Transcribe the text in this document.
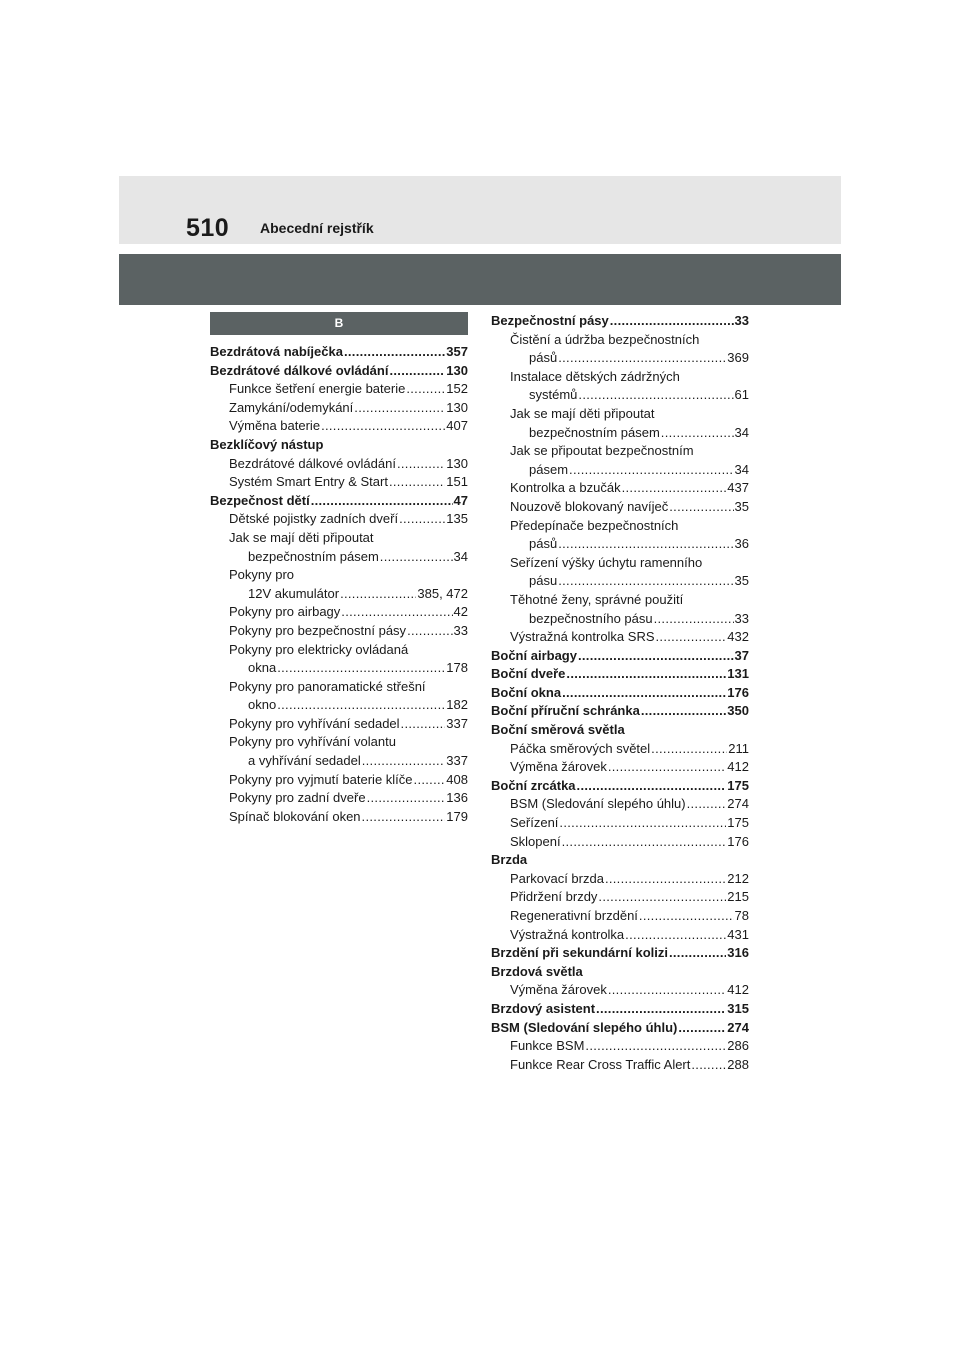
510 Abecední rejstřík
B
Bezdrátová nabíječka .....	357
Bezdrátové dálkové ovládání .....	130
Funkce šetření energie baterie .....	152
Zamykání/odemykání .....	130
Výměna baterie .....	407
Bezklíčový nástup
Bezdrátové dálkové ovládání .....	130
Systém Smart Entry & Start .....	151
Bezpečnost dětí .....	47
Dětské pojistky zadních dveří .....	135
Jak se mají děti připoutat
bezpečnostním pásem .....	34
Pokyny pro
12V akumulátor .....	385, 472
Pokyny pro airbagy .....	42
Pokyny pro bezpečnostní pásy .....	33
Pokyny pro elektricky ovládaná
okna .....	178
Pokyny pro panoramatické střešní
okno .....	182
Pokyny pro vyhřívání sedadel .....	337
Pokyny pro vyhřívání volantu
a vyhřívání sedadel .....	337
Pokyny pro vyjmutí baterie klíče .....	408
Pokyny pro zadní dveře .....	136
Spínač blokování oken .....	179
Bezpečnostní pásy .....	33
Čistění a údržba bezpečnostních
pásů .....	369
Instalace dětských zádržných
systémů .....	61
Jak se mají děti připoutat
bezpečnostním pásem .....	34
Jak se připoutat bezpečnostním
pásem .....	34
Kontrolka a bzučák .....	437
Nouzově blokovaný navíječ .....	35
Předepínače bezpečnostních
pásů .....	36
Seřízení výšky úchytu ramenního
pásu .....	35
Těhotné ženy, správné použití
bezpečnostního pásu .....	33
Výstražná kontrolka SRS .....	432
Boční airbagy .....	37
Boční dveře .....	131
Boční okna .....	176
Boční příruční schránka .....	350
Boční směrová světla
Páčka směrových světel .....	211
Výměna žárovek .....	412
Boční zrcátka .....	175
BSM (Sledování slepého úhlu) .....	274
Seřízení .....	175
Sklopení .....	176
Brzda
Parkovací brzda .....	212
Přidržení brzdy .....	215
Regenerativní brzdění .....	78
Výstražná kontrolka .....	431
Brzdění při sekundární kolizi .....	316
Brzdová světla
Výměna žárovek .....	412
Brzdový asistent .....	315
BSM (Sledování slepého úhlu) .....	274
Funkce BSM .....	286
Funkce Rear Cross Traffic Alert .....	288
